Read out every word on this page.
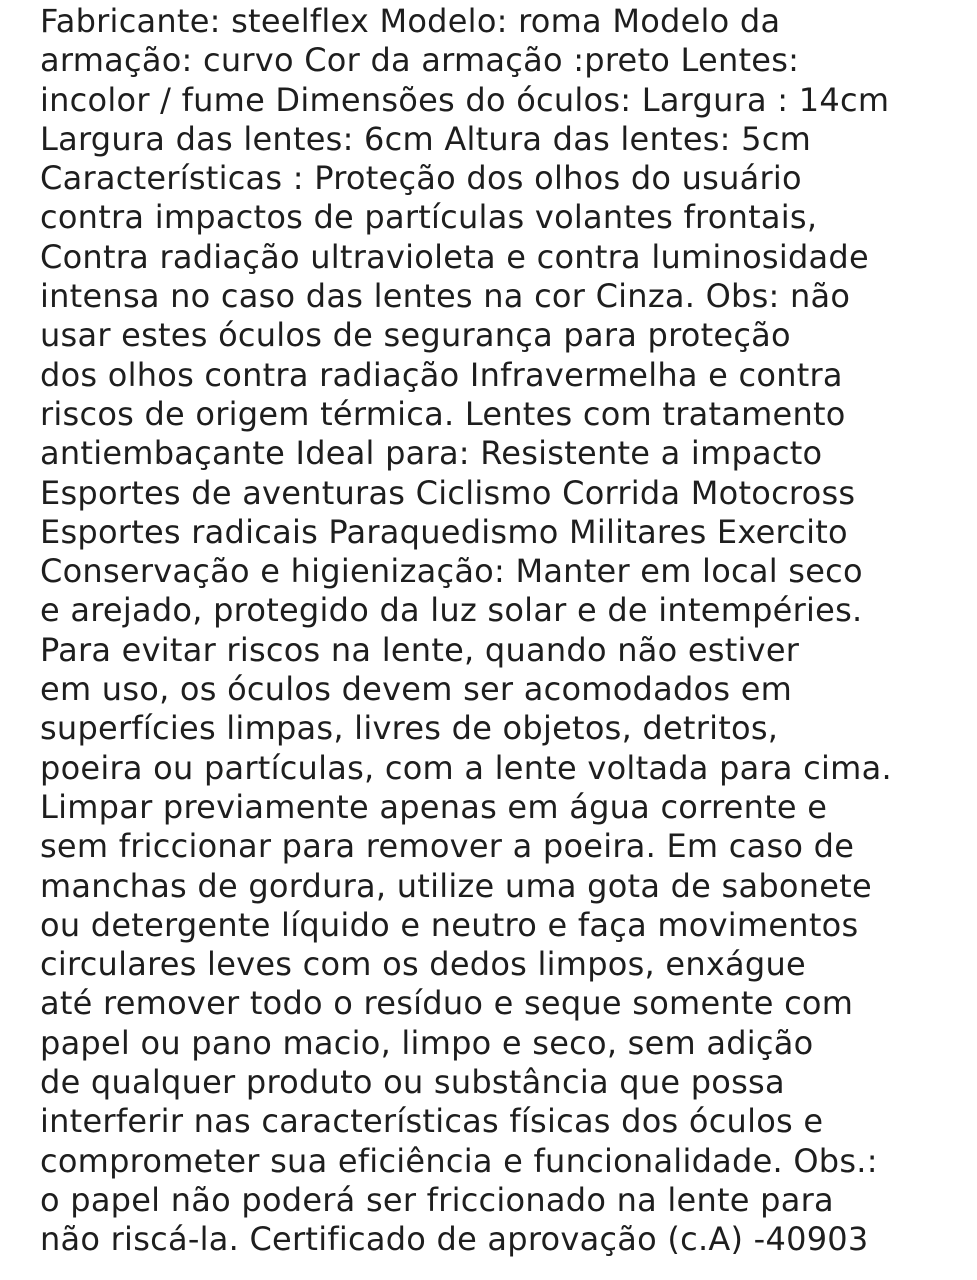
Fabricante: steelflex Modelo: roma Modelo da
armação: curvo Cor da armação :preto Lentes:
incolor / fume Dimensões do óculos: Largura : 14cm
Largura das lentes: 6cm Altura das lentes: 5cm
Características : Proteção dos olhos do usuário
contra impactos de partículas volantes frontais,
Contra radiação ultravioleta e contra luminosidade
intensa no caso das lentes na cor Cinza. Obs: não
usar estes óculos de segurança para proteção
dos olhos contra radiação Infravermelha e contra
riscos de origem térmica. Lentes com tratamento
antiembaçante Ideal para: Resistente a impacto
Esportes de aventuras Ciclismo Corrida Motocross
Esportes radicais Paraquedismo Militares Exercito
Conservação e higienização: Manter em local seco
e arejado, protegido da luz solar e de intempéries.
Para evitar riscos na lente, quando não estiver
em uso, os óculos devem ser acomodados em
superfícies limpas, livres de objetos, detritos,
poeira ou partículas, com a lente voltada para cima.
Limpar previamente apenas em água corrente e
sem friccionar para remover a poeira. Em caso de
manchas de gordura, utilize uma gota de sabonete
ou detergente líquido e neutro e faça movimentos
circulares leves com os dedos limpos, enxágue
até remover todo o resíduo e seque somente com
papel ou pano macio, limpo e seco, sem adição
de qualquer produto ou substância que possa
interferir nas características físicas dos óculos e
comprometer sua eficiência e funcionalidade. Obs.:
o papel não poderá ser friccionado na lente para
não riscá-la. Certificado de aprovação (c.A) -40903
